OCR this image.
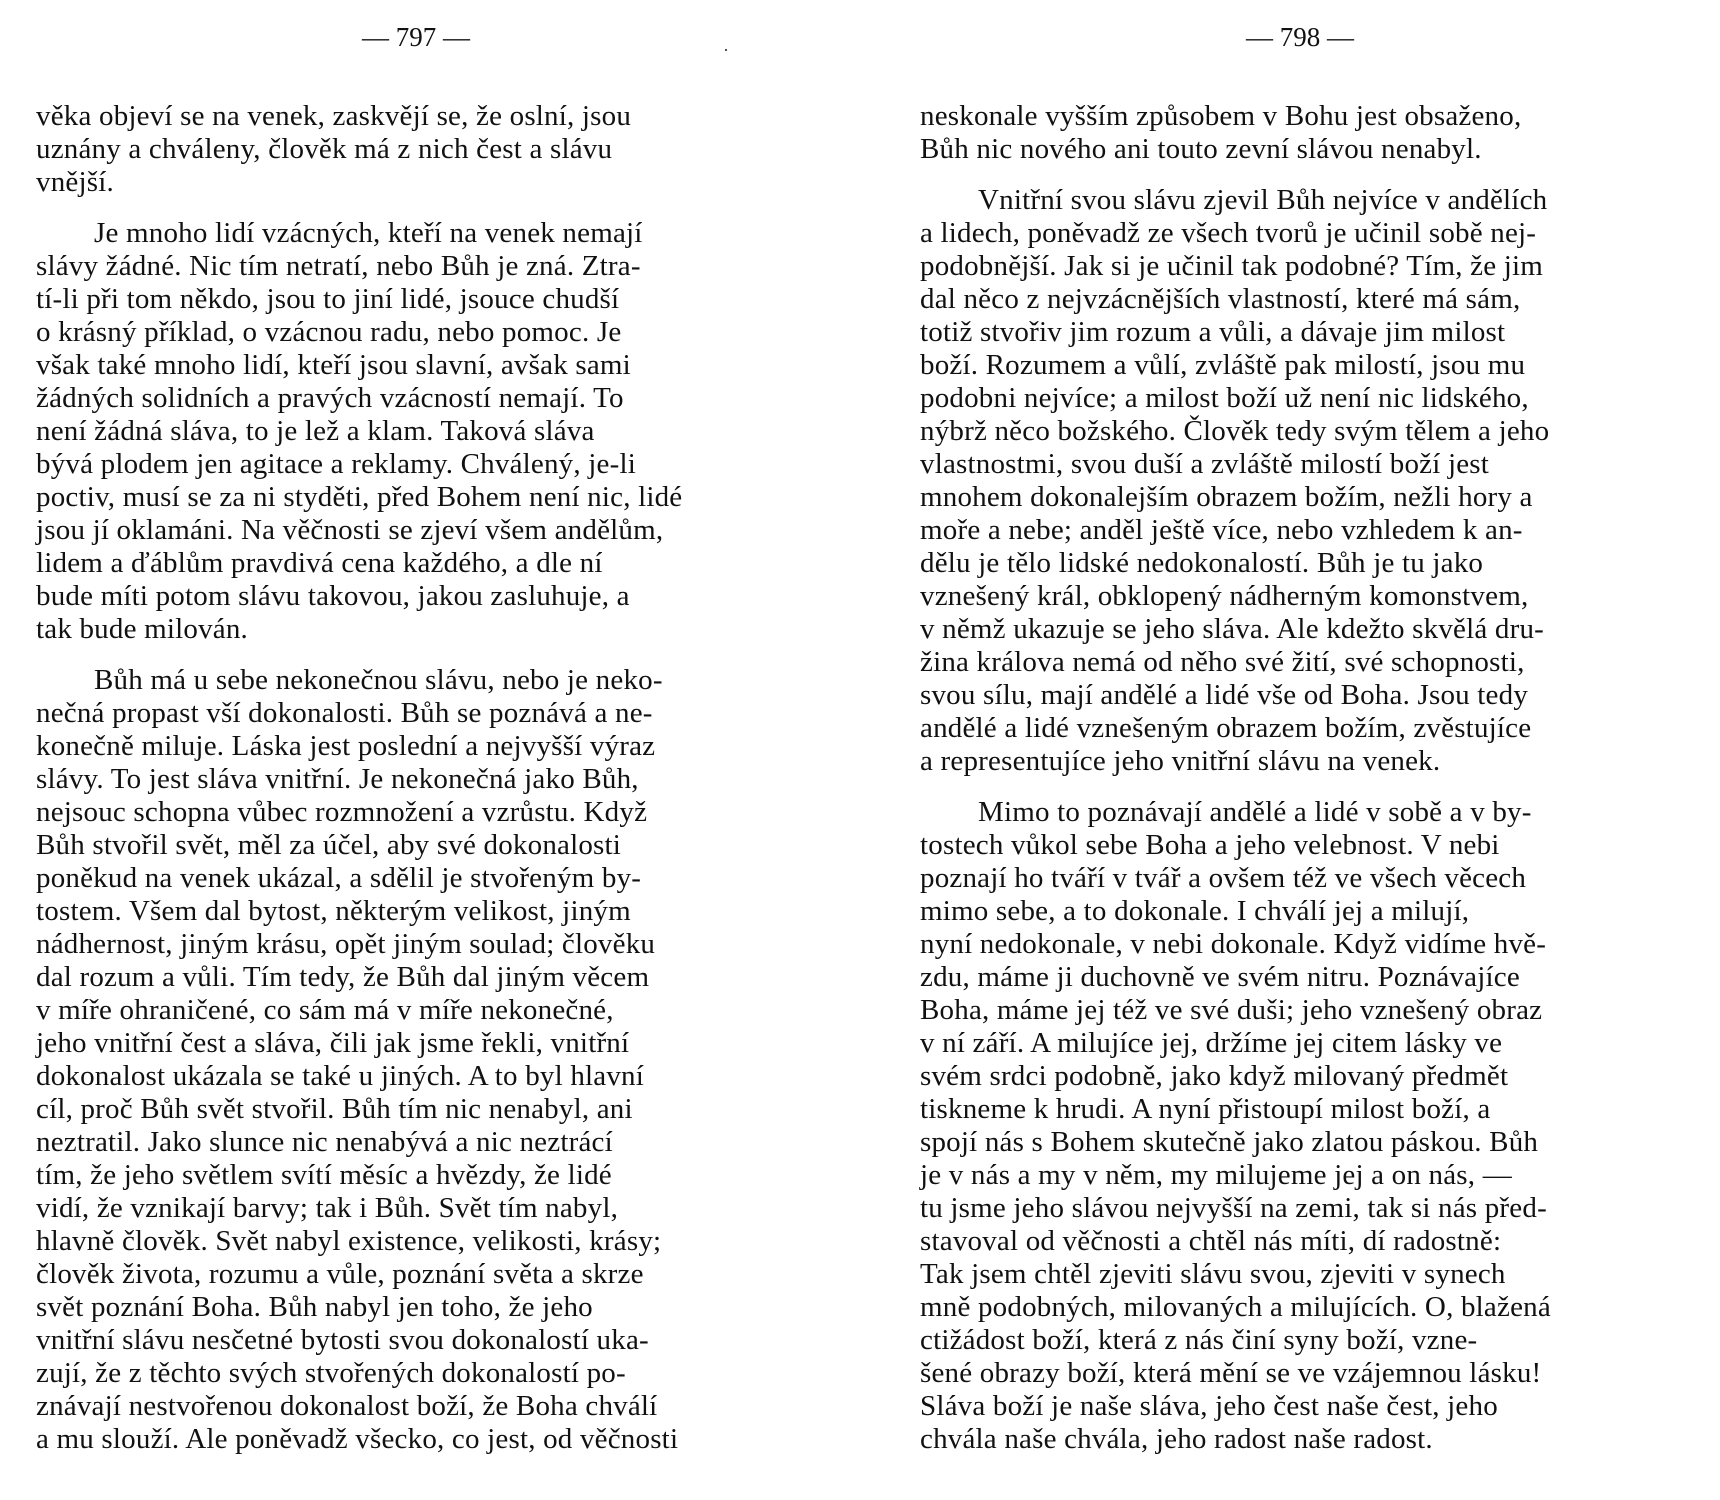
— 797 —
věka objeví se na venek, zaskvějí se, že oslní, jsou
uznány a chváleny, člověk má z nich čest a slávu
vnější.
Je mnoho lidí vzácných, kteří na venek nemají
slávy žádné. Nic tím netratí, nebo Bůh je zná. Ztra-
tí-li při tom někdo, jsou to jiní lidé, jsouce chudší
o krásný příklad, o vzácnou radu, nebo pomoc. Je
však také mnoho lidí, kteří jsou slavní, avšak sami
žádných solidních a pravých vzácností nemají. To
není žádná sláva, to je lež a klam. Taková sláva
bývá plodem jen agitace a reklamy. Chválený, je-li
poctiv, musí se za ni styděti, před Bohem není nic, lidé
jsou jí oklamáni. Na věčnosti se zjeví všem andělům,
lidem a ďáblům pravdivá cena každého, a dle ní
bude míti potom slávu takovou, jakou zasluhuje, a
tak bude milován.
Bůh má u sebe nekonečnou slávu, nebo je neko-
nečná propast vší dokonalosti. Bůh se poznává a ne-
konečně miluje. Láska jest poslední a nejvyšší výraz
slávy. To jest sláva vnitřní. Je nekonečná jako Bůh,
nejsouc schopna vůbec rozmnožení a vzrůstu. Když
Bůh stvořil svět, měl za účel, aby své dokonalosti
poněkud na venek ukázal, a sdělil je stvořeným by-
tostem. Všem dal bytost, některým velikost, jiným
nádhernost, jiným krásu, opět jiným soulad; člověku
dal rozum a vůli. Tím tedy, že Bůh dal jiným věcem
v míře ohraničené, co sám má v míře nekonečné,
jeho vnitřní čest a sláva, čili jak jsme řekli, vnitřní
dokonalost ukázala se také u jiných. A to byl hlavní
cíl, proč Bůh svět stvořil. Bůh tím nic nenabyl, ani
neztratil. Jako slunce nic nenabývá a nic neztrácí
tím, že jeho světlem svítí měsíc a hvězdy, že lidé
vidí, že vznikají barvy; tak i Bůh. Svět tím nabyl,
hlavně člověk. Svět nabyl existence, velikosti, krásy;
člověk života, rozumu a vůle, poznání světa a skrze
svět poznání Boha. Bůh nabyl jen toho, že jeho
vnitřní slávu nesčetné bytosti svou dokonalostí uka-
zují, že z těchto svých stvořených dokonalostí po-
znávají nestvořenou dokonalost boží, že Boha chválí
a mu slouží. Ale poněvadž všecko, co jest, od věčnosti
·	— 798 —
neskonale vyšším způsobem v Bohu jest obsaženo,
Bůh nic nového ani touto zevní slávou nenabyl.
Vnitřní svou slávu zjevil Bůh nejvíce v andělích
a lidech, poněvadž ze všech tvorů je učinil sobě nej-
podobnější. Jak si je učinil tak podobné? Tím, že jim
dal něco z nejvzácnějších vlastností, které má sám,
totiž stvořiv jim rozum a vůli, a dávaje jim milost
boží. Rozumem a vůlí, zvláště pak milostí, jsou mu
podobni nejvíce; a milost boží už není nic lidského,
nýbrž něco božského. Člověk tedy svým tělem a jeho
vlastnostmi, svou duší a zvláště milostí boží jest
mnohem dokonalejším obrazem božím, nežli hory a
moře a nebe; anděl ještě více, nebo vzhledem k an-
dělu je tělo lidské nedokonalostí. Bůh je tu jako
vznešený král, obklopený nádherným komonstvem,
v němž ukazuje se jeho sláva. Ale kdežto skvělá dru-
žina králova nemá od něho své žití, své schopnosti,
svou sílu, mají andělé a lidé vše od Boha. Jsou tedy
andělé a lidé vznešeným obrazem božím, zvěstujíce
a representujíce jeho vnitřní slávu na venek.
Mimo to poznávají andělé a lidé v sobě a v by-
tostech vůkol sebe Boha a jeho velebnost. V nebi
poznají ho tváří v tvář a ovšem též ve všech věcech
mimo sebe, a to dokonale. I chválí jej a milují,
nyní nedokonale, v nebi dokonale. Když vidíme hvě-
zdu, máme ji duchovně ve svém nitru. Poznávajíce
Boha, máme jej též ve své duši; jeho vznešený obraz
v ní září. A milujíce jej, držíme jej citem lásky ve
svém srdci podobně, jako když milovaný předmět
tiskneme k hrudi. A nyní přistoupí milost boží, a
spojí nás s Bohem skutečně jako zlatou páskou. Bůh
je v nás a my v něm, my milujeme jej a on nás, —
tu jsme jeho slávou nejvyšší na zemi, tak si nás před-
stavoval od věčnosti a chtěl nás míti, dí radostně:
Tak jsem chtěl zjeviti slávu svou, zjeviti v synech
mně podobných, milovaných a milujících. O, blažená
ctižádost boží, která z nás činí syny boží, vzne-
šené obrazy boží, která mění se ve vzájemnou lásku!
Sláva boží je naše sláva, jeho čest naše čest, jeho
chvála naše chvála, jeho radost naše radost.
